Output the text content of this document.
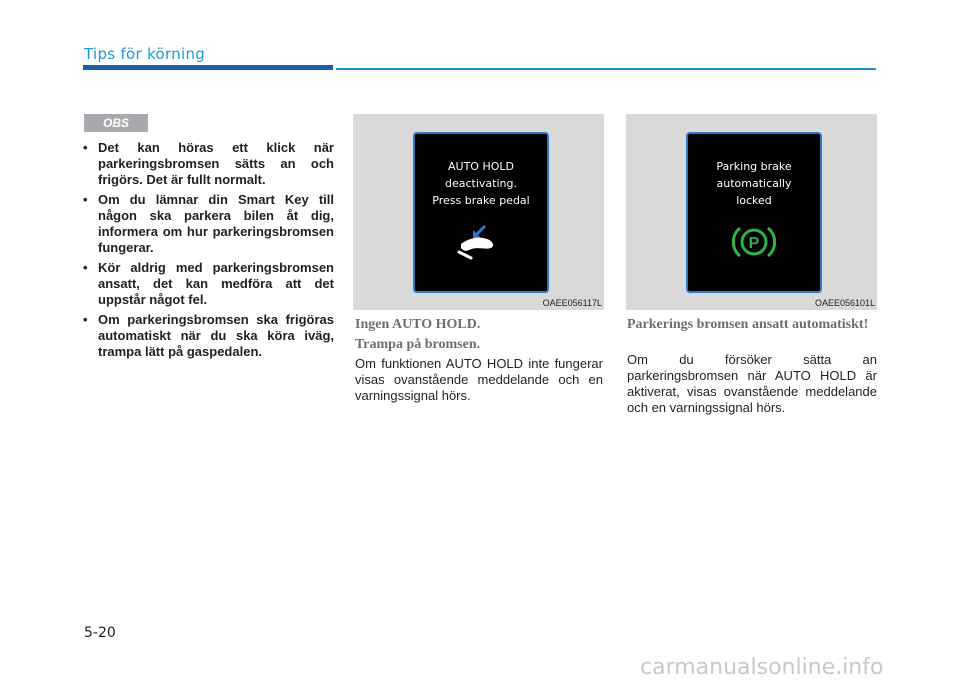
Tips för körning
OBS
• Det kan höras ett klick när parkeringsbromsen sätts an och frigörs. Det är fullt normalt.
• Om du lämnar din Smart Key till någon ska parkera bilen åt dig, informera om hur parkeringsbromsen fungerar.
• Kör aldrig med parkeringsbromsen ansatt, det kan medföra att det uppstår något fel.
• Om parkeringsbromsen ska frigöras automatiskt när du ska köra iväg, trampa lätt på gaspedalen.
AUTO HOLD
deactivating.
Press brake pedal
OAEE056117L
Parking brake
automatically
locked
P
OAEE056101L
Ingen AUTO HOLD.
Trampa på bromsen.
Om funktionen AUTO HOLD inte fungerar visas ovanstående meddelande och en varningssignal hörs.
Parkerings bromsen ansatt automatiskt!
Om du försöker sätta an parkeringsbromsen när AUTO HOLD är aktiverat, visas ovanstående meddelande och en varningssignal hörs.
5-20
carmanualsonline.info
